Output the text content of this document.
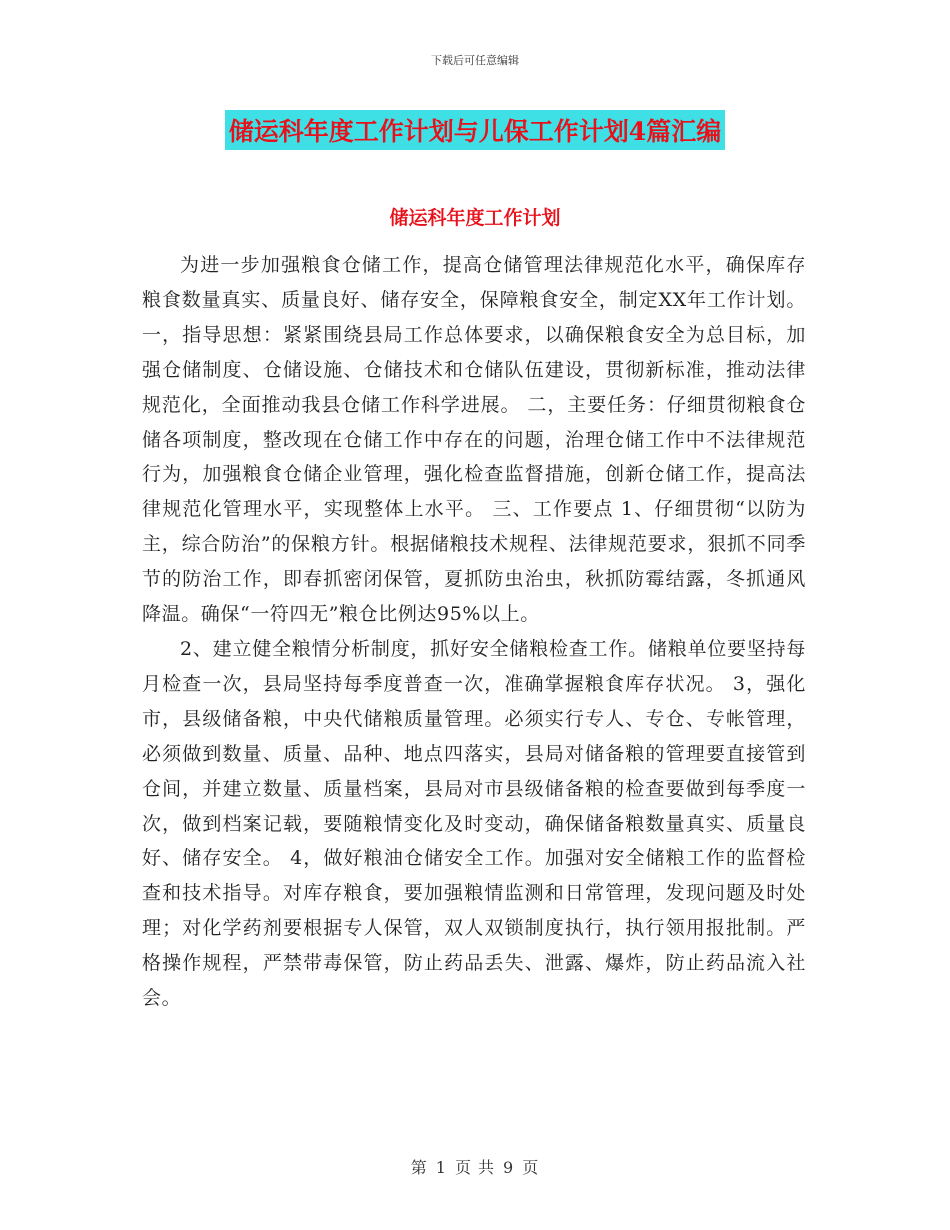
下载后可任意编辑
储运科年度工作计划与儿保工作计划4篇汇编
储运科年度工作计划

为进一步加强粮食仓储工作，提高仓储管理法律规范化水平，确保库存粮食数量真实、质量良好、储存安全，保障粮食安全，制定XX年工作计划。一，指导思想：紧紧围绕县局工作总体要求，以确保粮食安全为总目标，加强仓储制度、仓储设施、仓储技术和仓储队伍建设，贯彻新标准，推动法律规范化，全面推动我县仓储工作科学进展。 二，主要任务：仔细贯彻粮食仓储各项制度，整改现在仓储工作中存在的问题，治理仓储工作中不法律规范行为，加强粮食仓储企业管理，强化检查监督措施，创新仓储工作，提高法律规范化管理水平，实现整体上水平。 三、工作要点 1、仔细贯彻“以防为主，综合防治”的保粮方针。根据储粮技术规程、法律规范要求，狠抓不同季节的防治工作，即春抓密闭保管，夏抓防虫治虫，秋抓防霉结露，冬抓通风降温。确保“一符四无”粮仓比例达95%以上。

2、建立健全粮情分析制度，抓好安全储粮检查工作。储粮单位要坚持每月检查一次，县局坚持每季度普查一次，准确掌握粮食库存状况。 3，强化市，县级储备粮，中央代储粮质量管理。必须实行专人、专仓、专帐管理，必须做到数量、质量、品种、地点四落实，县局对储备粮的管理要直接管到仓间，并建立数量、质量档案，县局对市县级储备粮的检查要做到每季度一次，做到档案记载，要随粮情变化及时变动，确保储备粮数量真实、质量良好、储存安全。 4，做好粮油仓储安全工作。加强对安全储粮工作的监督检查和技术指导。对库存粮食，要加强粮情监测和日常管理，发现问题及时处理；对化学药剂要根据专人保管，双人双锁制度执行，执行领用报批制。严格操作规程，严禁带毒保管，防止药品丢失、泄露、爆炸，防止药品流入社会。

第 1 页 共 9 页
